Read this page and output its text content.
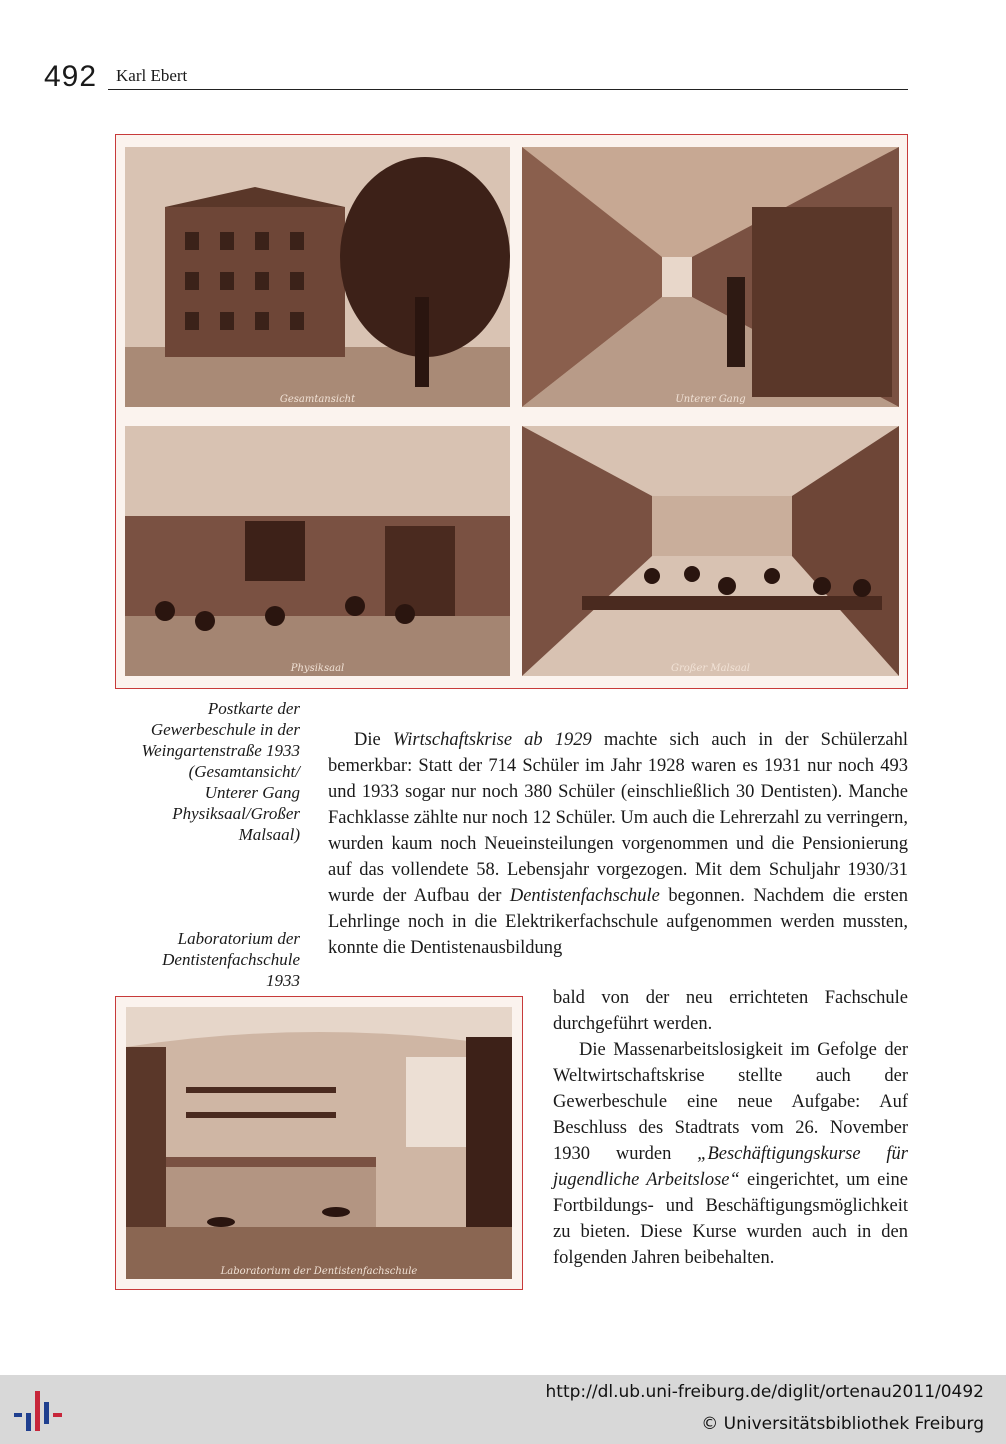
492 Karl Ebert
Gesamtansicht	Unterer Gang
Physiksaal	Großer Malsaal
Postkarte der
Gewerbeschule in der
Weingartenstraße 1933
(Gesamtansicht/
Unterer Gang
Physiksaal/Großer
Malsaal)
Laboratorium der
Dentistenfachschule
1933

Die Wirtschaftskrise ab 1929 machte sich auch in der Schülerzahl bemerkbar: Statt der 714 Schüler im Jahr 1928 waren es 1931 nur noch 493 und 1933 sogar nur noch 380 Schüler (einschließlich 30 Dentisten). Manche Fachklasse zählte nur noch 12 Schüler. Um auch die Lehrerzahl zu verringern, wurden kaum noch Neueinsteilungen vorgenommen und die Pensionierung auf das vollendete 58. Lebensjahr vorgezogen. Mit dem Schuljahr 1930/31 wurde der Aufbau der Dentistenfachschule begonnen. Nachdem die ersten Lehrlinge noch in die Elektrikerfachschule aufgenommen werden mussten, konnte die Dentistenausbildung

bald von der neu errichteten Fachschule durchgeführt werden.

Die Massenarbeitslosigkeit im Gefolge der Weltwirtschaftskrise stellte auch der Gewerbeschule eine neue Aufgabe: Auf Beschluss des Stadtrats vom 26. November 1930 wurden „Beschäftigungskurse für jugendliche Arbeitslose“ eingerichtet, um eine Fortbildungs- und Beschäftigungsmöglichkeit zu bieten. Diese Kurse wurden auch in den folgenden Jahren beibehalten.

Laboratorium der Dentistenfachschule
http://dl.ub.uni-freiburg.de/diglit/ortenau2011/0492
© Universitätsbibliothek Freiburg
